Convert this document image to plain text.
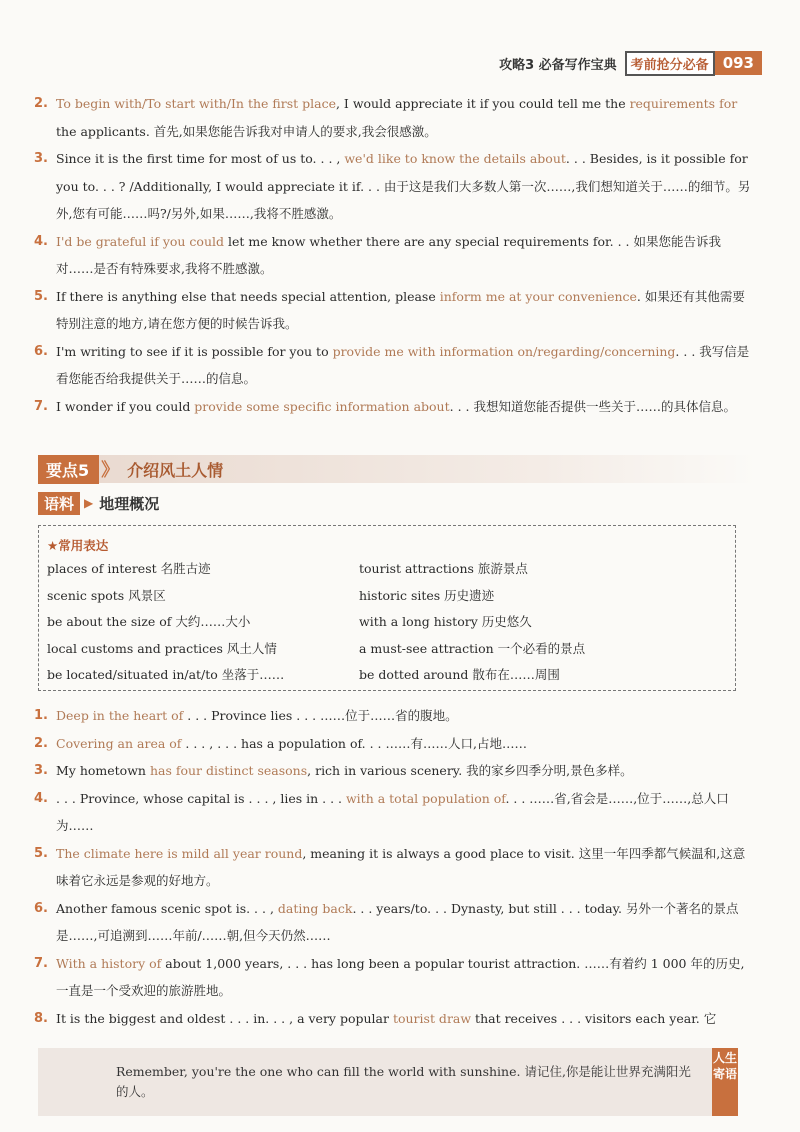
攻略3 必备写作宝典	考前抢分必备 093
2. To begin with/To start with/In the first place, I would appreciate it if you could tell me the requirements for the applicants. 首先,如果您能告诉我对申请人的要求,我会很感激。
3. Since it is the first time for most of us to. . . , we'd like to know the details about. . . Besides, is it possible for you to. . . ? /Additionally, I would appreciate it if. . . 由于这是我们大多数人第一次……,我们想知道关于……的细节。另外,您有可能……吗?/另外,如果……,我将不胜感激。
4. I'd be grateful if you could let me know whether there are any special requirements for. . . 如果您能告诉我对……是否有特殊要求,我将不胜感激。
5. If there is anything else that needs special attention, please inform me at your convenience. 如果还有其他需要特别注意的地方,请在您方便的时候告诉我。
6. I'm writing to see if it is possible for you to provide me with information on/regarding/concerning. . . 我写信是看您能否给我提供关于……的信息。
7. I wonder if you could provide some specific information about. . . 我想知道您能否提供一些关于……的具体信息。
要点5 》 介绍风土人情
语料 ▶ 地理概况
★常用表达
places of interest 名胜古迹	tourist attractions 旅游景点
scenic spots 风景区	historic sites 历史遗迹
be about the size of 大约……大小	with a long history 历史悠久
local customs and practices 风土人情	a must-see attraction 一个必看的景点
be located/situated in/at/to 坐落于……	be dotted around 散布在……周围
1. Deep in the heart of . . . Province lies . . . ……位于……省的腹地。
2. Covering an area of . . . , . . . has a population of. . . ……有……人口,占地……
3. My hometown has four distinct seasons, rich in various scenery. 我的家乡四季分明,景色多样。
4. . . . Province, whose capital is . . . , lies in . . . with a total population of. . . ……省,省会是……,位于……,总人口为……
5. The climate here is mild all year round, meaning it is always a good place to visit. 这里一年四季都气候温和,这意味着它永远是参观的好地方。
6. Another famous scenic spot is. . . , dating back. . . years/to. . . Dynasty, but still . . . today. 另外一个著名的景点是……,可追溯到……年前/……朝,但今天仍然……
7. With a history of about 1,000 years, . . . has long been a popular tourist attraction. ……有着约 1 000 年的历史,一直是一个受欢迎的旅游胜地。
8. It is the biggest and oldest . . . in. . . , a very popular tourist draw that receives . . . visitors each year. 它
Remember, you're the one who can fill the world with sunshine. 请记住,你是能让世界充满阳光的人。
人生寄语
